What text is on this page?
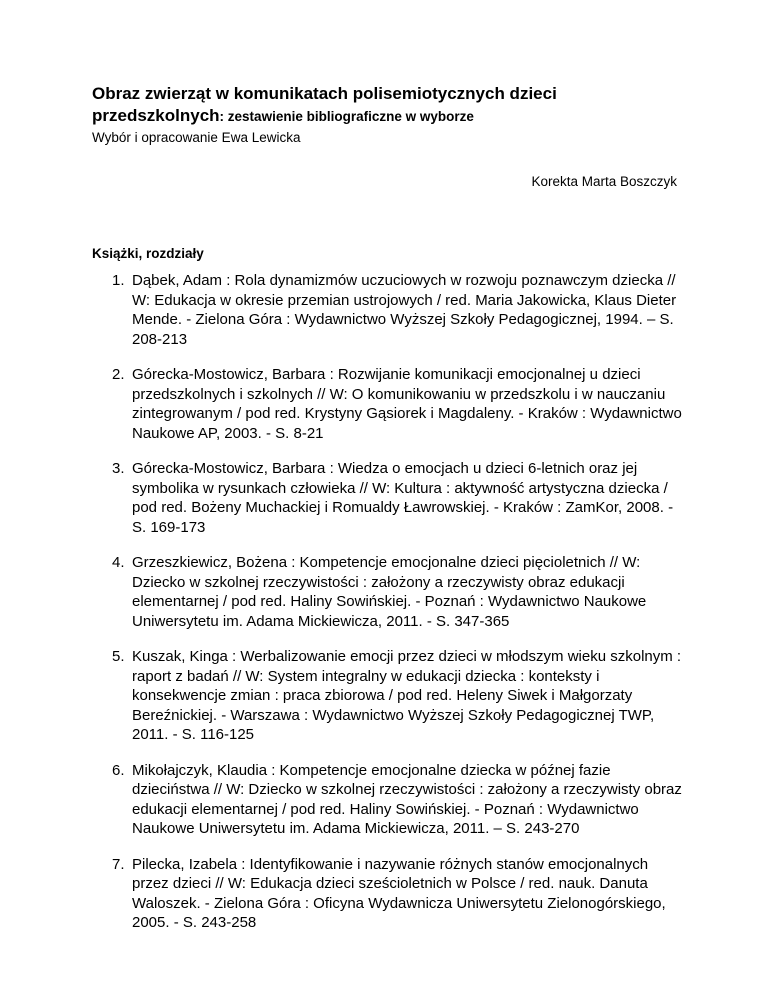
Obraz zwierząt w komunikatach polisemiotycznych dzieci przedszkolnych: zestawienie bibliograficzne w wyborze
Wybór i opracowanie Ewa Lewicka
Korekta Marta Boszczyk
Książki, rozdziały
1. Dąbek, Adam : Rola dynamizmów uczuciowych w rozwoju poznawczym dziecka // W: Edukacja w okresie przemian ustrojowych / red. Maria Jakowicka, Klaus Dieter Mende. - Zielona Góra : Wydawnictwo Wyższej Szkoły Pedagogicznej, 1994. – S. 208-213
2. Górecka-Mostowicz, Barbara : Rozwijanie komunikacji emocjonalnej u dzieci przedszkolnych i szkolnych // W: O komunikowaniu w przedszkolu i w nauczaniu zintegrowanym / pod red. Krystyny Gąsiorek i Magdaleny. - Kraków : Wydawnictwo Naukowe AP, 2003. - S. 8-21
3. Górecka-Mostowicz, Barbara : Wiedza o emocjach u dzieci 6-letnich oraz jej symbolika w rysunkach człowieka // W: Kultura : aktywność artystyczna dziecka / pod red. Bożeny Muchackiej i Romualdy Ławrowskiej. - Kraków : ZamKor, 2008. - S. 169-173
4. Grzeszkiewicz, Bożena : Kompetencje emocjonalne dzieci pięcioletnich // W: Dziecko w szkolnej rzeczywistości : założony a rzeczywisty obraz edukacji elementarnej / pod red. Haliny Sowińskiej. - Poznań : Wydawnictwo Naukowe Uniwersytetu im. Adama Mickiewicza, 2011. - S. 347-365
5. Kuszak, Kinga : Werbalizowanie emocji przez dzieci w młodszym wieku szkolnym : raport z badań // W: System integralny w edukacji dziecka : konteksty i konsekwencje zmian : praca zbiorowa / pod red. Heleny Siwek i Małgorzaty Bereźnickiej. - Warszawa : Wydawnictwo Wyższej Szkoły Pedagogicznej TWP, 2011. - S. 116-125
6. Mikołajczyk, Klaudia : Kompetencje emocjonalne dziecka w późnej fazie dzieciństwa // W: Dziecko w szkolnej rzeczywistości : założony a rzeczywisty obraz edukacji elementarnej / pod red. Haliny Sowińskiej. - Poznań : Wydawnictwo Naukowe Uniwersytetu im. Adama Mickiewicza, 2011. – S. 243-270
7. Pilecka, Izabela : Identyfikowanie i nazywanie różnych stanów emocjonalnych przez dzieci // W: Edukacja dzieci sześcioletnich w Polsce / red. nauk. Danuta Waloszek. - Zielona Góra : Oficyna Wydawnicza Uniwersytetu Zielonogórskiego, 2005. - S. 243-258
